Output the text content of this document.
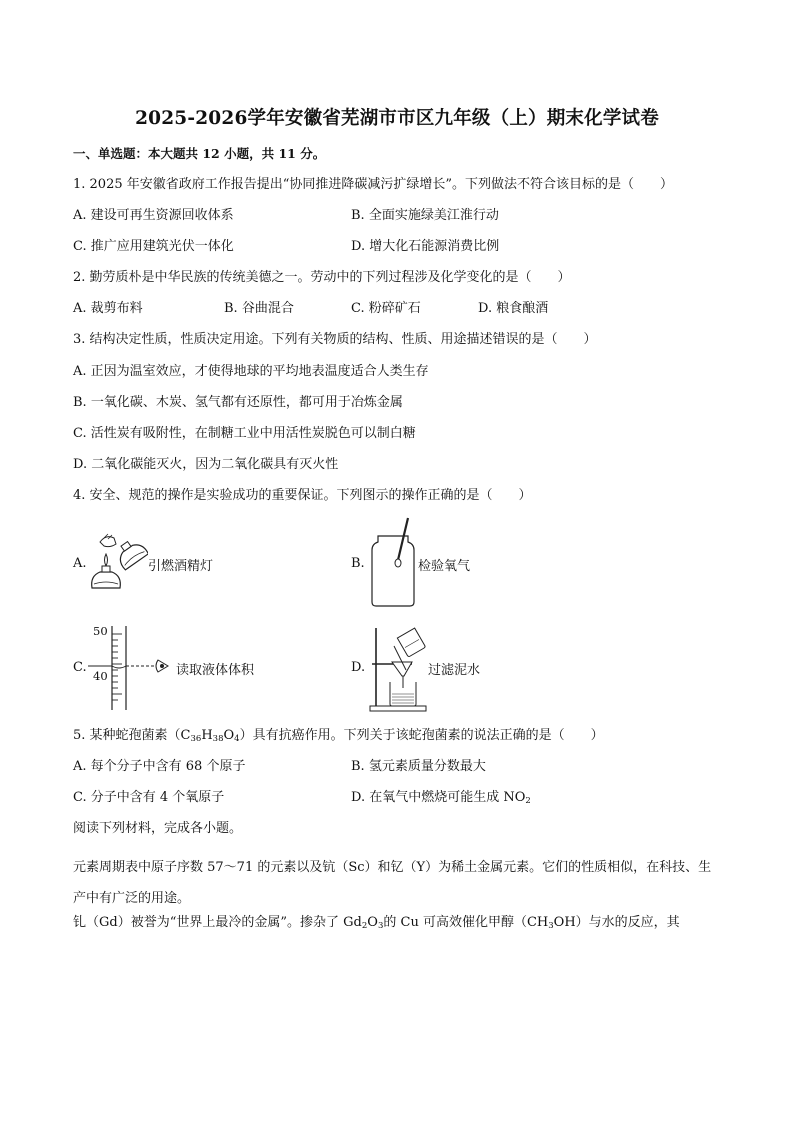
2025-2026学年安徽省芜湖市市区九年级（上）期末化学试卷
一、单选题：本大题共 12 小题，共 11 分。
1. 2025 年安徽省政府工作报告提出“协同推进降碳减污扩绿增长”。下列做法不符合该目标的是（　　）
A. 建设可再生资源回收体系	B. 全面实施绿美江淮行动
C. 推广应用建筑光伏一体化	D. 增大化石能源消费比例
2. 勤劳质朴是中华民族的传统美德之一。劳动中的下列过程涉及化学变化的是（　　）
A. 裁剪布料	B. 谷曲混合	C. 粉碎矿石	D. 粮食酿酒
3. 结构决定性质，性质决定用途。下列有关物质的结构、性质、用途描述错误的是（　　）
A. 正因为温室效应，才使得地球的平均地表温度适合人类生存
B. 一氧化碳、木炭、氢气都有还原性，都可用于冶炼金属
C. 活性炭有吸附性，在制糖工业中用活性炭脱色可以制白糖
D. 二氧化碳能灭火，因为二氧化碳具有灭火性
4. 安全、规范的操作是实验成功的重要保证。下列图示的操作正确的是（　　）
A.	引燃酒精灯	B.	检验氧气
C.
50
40	读取液体体积	D.	过滤泥水
5. 某种蛇孢菌素$(C_{36}H_{38}O_4)$具有抗癌作用。下列关于该蛇孢菌素的说法正确的是（　　）
A. 每个分子中含有 68 个原子	B. 氢元素质量分数最大
C. 分子中含有 4 个氧原子	D. 在氧气中燃烧可能生成 $NO_2$
阅读下列材料，完成各小题。
元素周期表中原子序数 57～71 的元素以及钪（Sc）和钇（Y）为稀土金属元素。它们的性质相似，在科技、生产中有广泛的用途。
钆（Gd）被誉为“世界上最冷的金属”。掺杂了 $Gd_2O_3$的 Cu 可高效催化甲醇$(CH_3OH)$与水的反应，其
